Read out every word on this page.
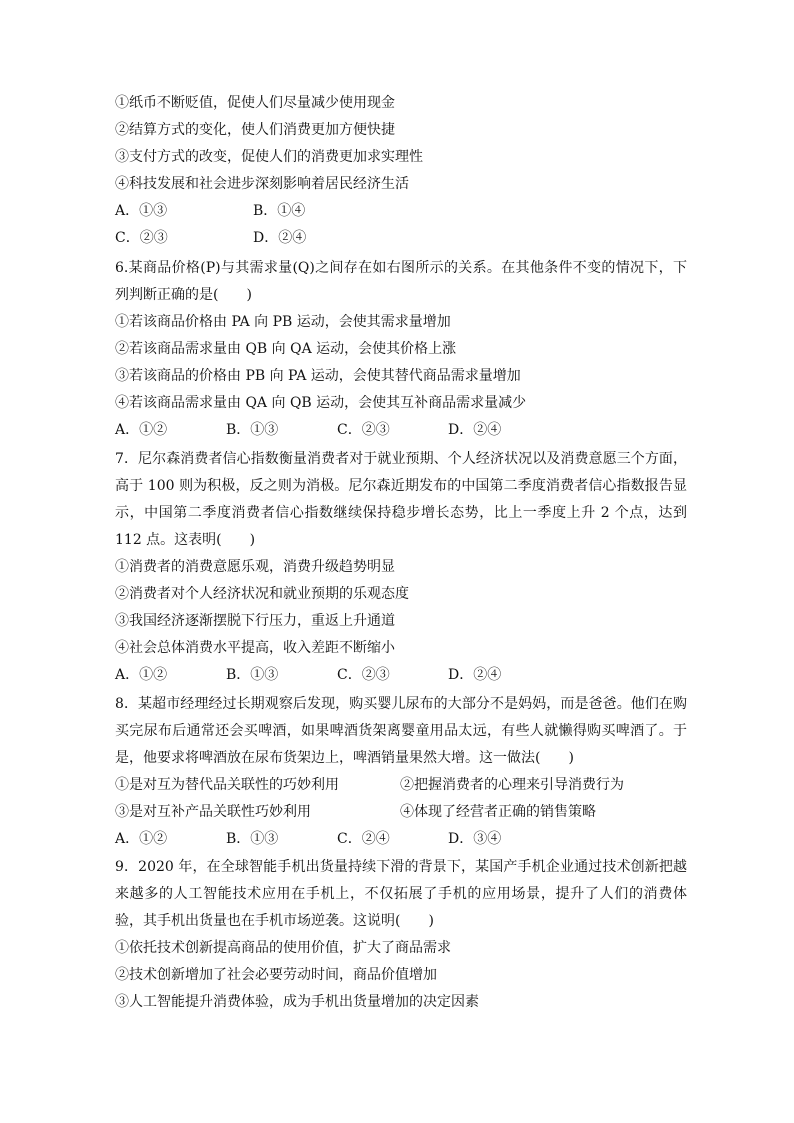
①纸币不断贬值，促使人们尽量减少使用现金
②结算方式的变化，使人们消费更加方便快捷
③支付方式的改变，促使人们的消费更加求实理性
④科技发展和社会进步深刻影响着居民经济生活
A．①③	B．①④
C．②③	D．②④
6.某商品价格(P)与其需求量(Q)之间存在如右图所示的关系。在其他条件不变的情况下，下列判断正确的是(　　)
①若该商品价格由 PA 向 PB 运动，会使其需求量增加
②若该商品需求量由 QB 向 QA 运动，会使其价格上涨
③若该商品的价格由 PB 向 PA 运动，会使其替代商品需求量增加
④若该商品需求量由 QA 向 QB 运动，会使其互补商品需求量减少
A．①②	B．①③	C．②③	D．②④
7．尼尔森消费者信心指数衡量消费者对于就业预期、个人经济状况以及消费意愿三个方面，高于 100 则为积极，反之则为消极。尼尔森近期发布的中国第二季度消费者信心指数报告显示，中国第二季度消费者信心指数继续保持稳步增长态势，比上一季度上升 2 个点，达到 112 点。这表明(　　)
①消费者的消费意愿乐观，消费升级趋势明显
②消费者对个人经济状况和就业预期的乐观态度
③我国经济逐渐摆脱下行压力，重返上升通道
④社会总体消费水平提高，收入差距不断缩小
A．①②	B．①③	C．②③	D．②④
8．某超市经理经过长期观察后发现，购买婴儿尿布的大部分不是妈妈，而是爸爸。他们在购买完尿布后通常还会买啤酒，如果啤酒货架离婴童用品太远，有些人就懒得购买啤酒了。于是，他要求将啤酒放在尿布货架边上，啤酒销量果然大增。这一做法(　　)
①是对互为替代品关联性的巧妙利用	②把握消费者的心理来引导消费行为
③是对互补产品关联性巧妙利用	④体现了经营者正确的销售策略
A．①②	B．①③	C．②④	D．③④
9．2020 年，在全球智能手机出货量持续下滑的背景下，某国产手机企业通过技术创新把越来越多的人工智能技术应用在手机上，不仅拓展了手机的应用场景，提升了人们的消费体验，其手机出货量也在手机市场逆袭。这说明(　　)
①依托技术创新提高商品的使用价值，扩大了商品需求
②技术创新增加了社会必要劳动时间，商品价值增加
③人工智能提升消费体验，成为手机出货量增加的决定因素
